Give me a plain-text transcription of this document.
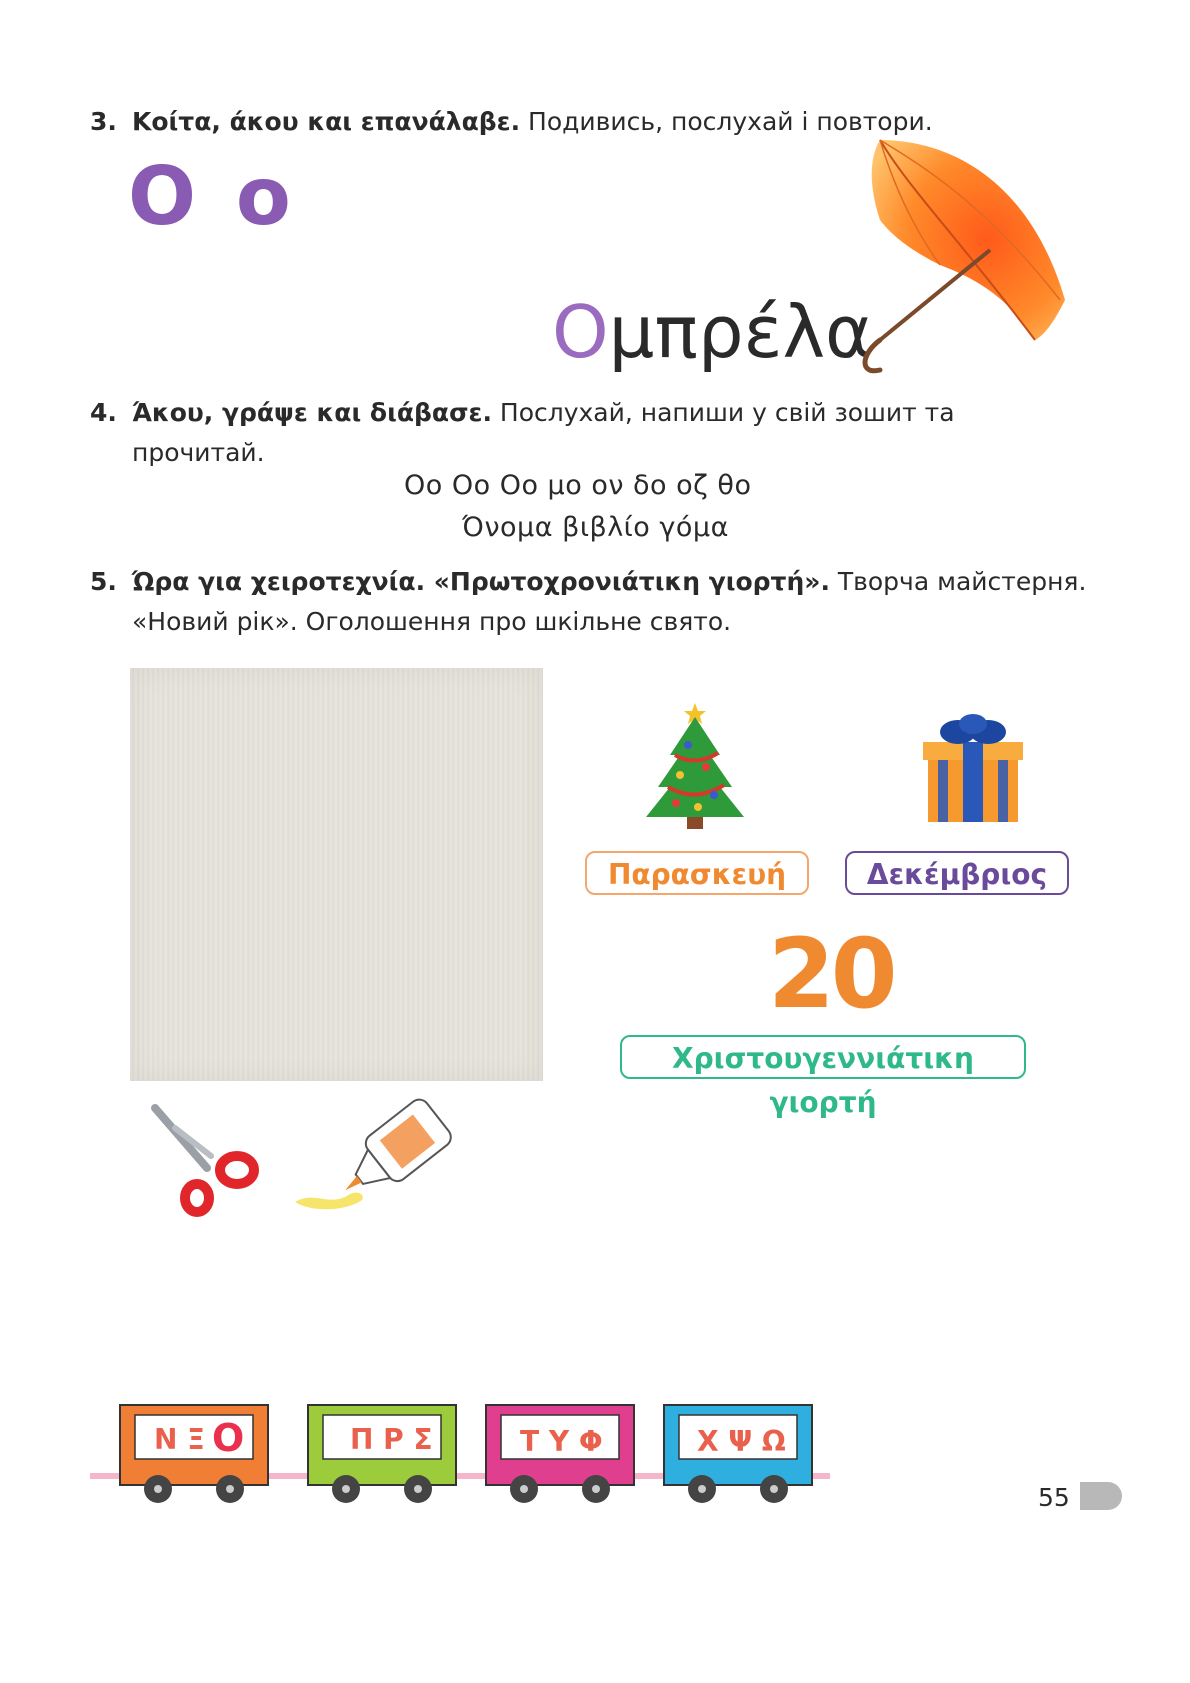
3. Κοίτα, άκου και επανάλαβε. Подивись, послухай і повтори.
O o
Ομπρέλα
4. Άκου, γράψε και διάβασε. Послухай, напиши у свій зошит та
прочитай.
Οο Οο Οο μο ον δο οζ θο
Όνομα βιβλίο γόμα
5. Ώρα για χειροτεχνία. «Πρωτοχρονιάτικη γιορτή». Творча майстерня.
«Новий рік». Оголошення про шкільне свято.
Παρασκευή	Δεκέμβριος
20
Χριστουγεννιάτικη γιορτή
Ν Ξ Ο	Π Ρ Σ	Τ Υ Φ	Χ Ψ Ω
55
